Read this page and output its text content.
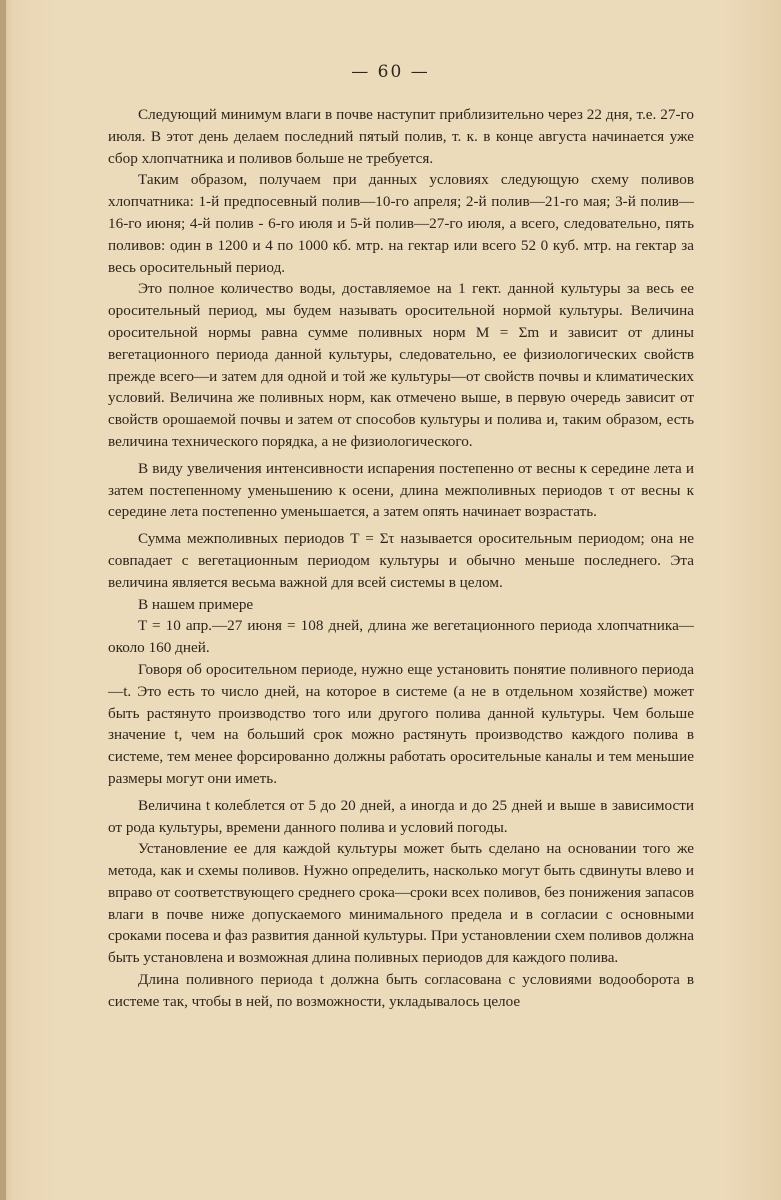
— 60 —

Следующий минимум влаги в почве наступит приблизительно через 22 дня, т.е. 27-го июля. В этот день делаем последний пятый полив, т. к. в конце августа начинается уже сбор хлопчатника и поливов больше не требуется.

Таким образом, получаем при данных условиях следующую схему поливов хлопчатника: 1-й предпосевный полив—10-го апреля; 2-й полив—21-го мая; 3-й полив—16-го июня; 4-й полив - 6-го июля и 5-й полив—27-го июля, а всего, следовательно, пять поливов: один в 1200 и 4 по 1000 кб. мтр. на гектар или всего 52 0 куб. мтр. на гектар за весь оросительный период.

Это полное количество воды, доставляемое на 1 гект. данной культуры за весь ее оросительный период, мы будем называть оросительной нормой культуры. Величина оросительной нормы равна сумме поливных норм M = Σm и зависит от длины вегетационного периода данной культуры, следовательно, ее физиологических свойств прежде всего—и затем для одной и той же культуры—от свойств почвы и климатических условий. Величина же поливных норм, как отмечено выше, в первую очередь зависит от свойств орошаемой почвы и затем от способов культуры и полива и, таким образом, есть величина технического порядка, а не физиологического.

В виду увеличения интенсивности испарения постепенно от весны к середине лета и затем постепенному уменьшению к осени, длина межполивных периодов τ от весны к середине лета постепенно уменьшается, а затем опять начинает возрастать.

Сумма межполивных периодов T = Στ называется оросительным периодом; она не совпадает с вегетационным периодом культуры и обычно меньше последнего. Эта величина является весьма важной для всей системы в целом.

В нашем примере

T = 10 апр.—27 июня = 108 дней, длина же вегетационного периода хлопчатника—около 160 дней.

Говоря об оросительном периоде, нужно еще установить понятие поливного периода—t. Это есть то число дней, на которое в системе (а не в отдельном хозяйстве) может быть растянуто производство того или другого полива данной культуры. Чем больше значение t, чем на больший срок можно растянуть производство каждого полива в системе, тем менее форсированно должны работать оросительные каналы и тем меньшие размеры могут они иметь.

Величина t колеблется от 5 до 20 дней, а иногда и до 25 дней и выше в зависимости от рода культуры, времени данного полива и условий погоды.

Установление ее для каждой культуры может быть сделано на основании того же метода, как и схемы поливов. Нужно определить, насколько могут быть сдвинуты влево и вправо от соответствующего среднего срока—сроки всех поливов, без понижения запасов влаги в почве ниже допускаемого минимального предела и в согласии с основными сроками посева и фаз развития данной культуры. При установлении схем поливов должна быть установлена и возможная длина поливных периодов для каждого полива.

Длина поливного периода t должна быть согласована с условиями водооборота в системе так, чтобы в ней, по возможности, укладывалось целое
